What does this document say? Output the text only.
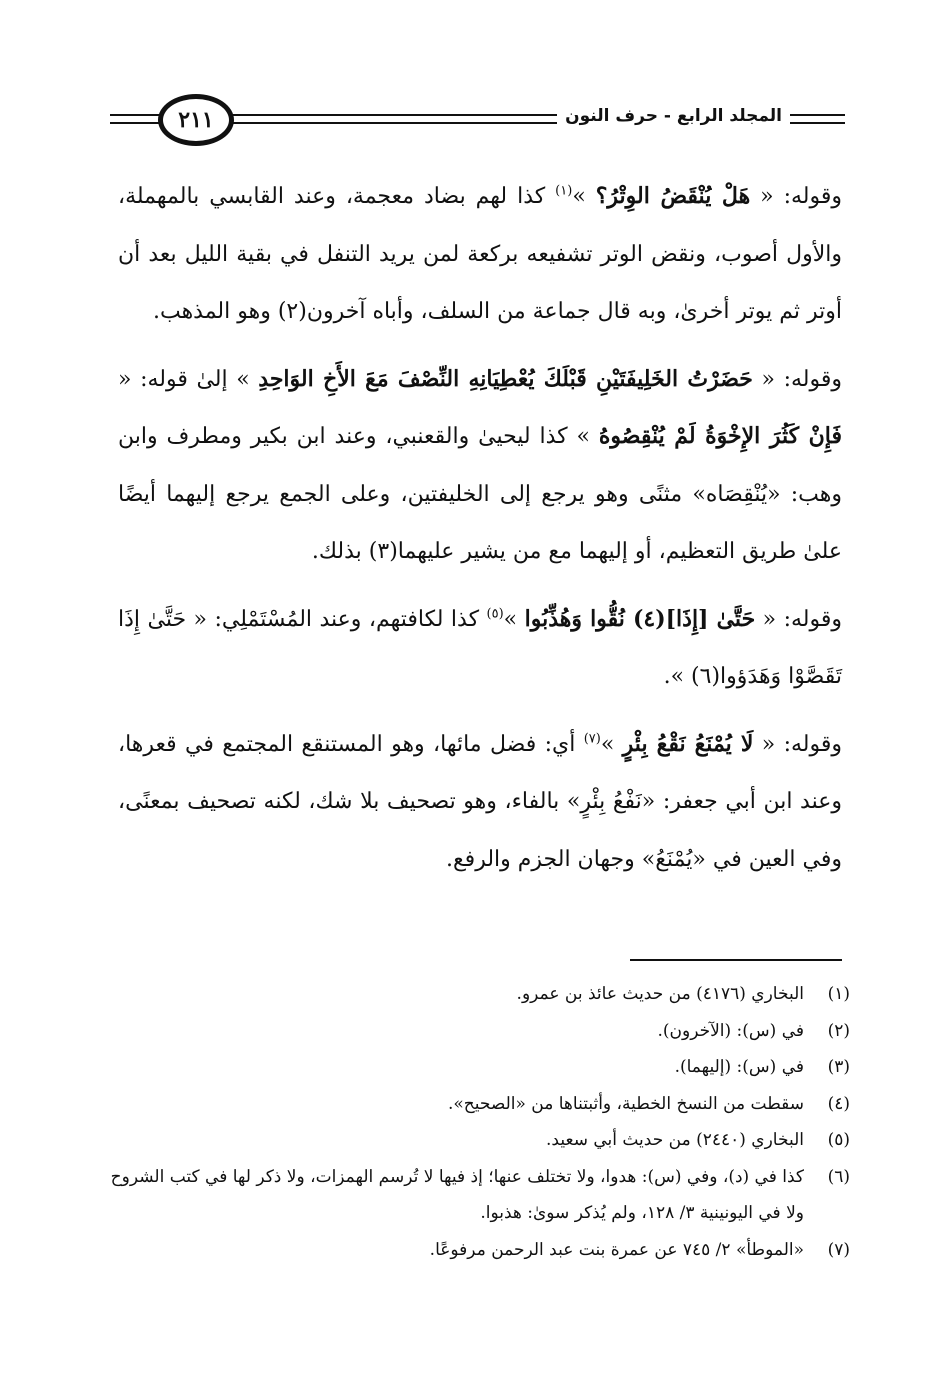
٢١١	المجلد الرابع - حرف النون

وقوله: « هَلْ يُنْقَضُ الوِتْرُ؟ »$^{(١)}$ كذا لهم بضاد معجمة، وعند القابسي بالمهملة، والأول أصوب، ونقض الوتر تشفيعه بركعة لمن يريد التنفل في بقية الليل بعد أن أوتر ثم يوتر أخرىٰ، وبه قال جماعة من السلف، وأباه آخرون(٢) وهو المذهب.

وقوله: « حَضَرْتُ الخَلِيفَتَيْنِ قَبْلَكَ يُعْطِيَانِهِ النِّصْفَ مَعَ الأَخِ الوَاحِدِ » إلىٰ قوله: « فَإِنْ كَثُرَ الإِخْوَةُ لَمْ يُنْقِصُوهُ » كذا ليحيىٰ والقعنبي، وعند ابن بكير ومطرف وابن وهب: «يُنْقِصَاه» مثنًى وهو يرجع إلى الخليفتين، وعلى الجمع يرجع إليهما أيضًا علىٰ طريق التعظيم، أو إليهما مع من يشير عليهما(٣) بذلك.

وقوله: « حَتَّىٰ [إِذَا](٤) نُقُّوا وَهُذِّبُوا »$^{(٥)}$ كذا لكافتهم، وعند المُسْتَمْلِي: « حَتَّىٰ إِذَا تَقَصَّوْا وَهَدَؤوا(٦) ».

وقوله: « لَا يُمْنَعُ نَقْعُ بِئْرٍ »$^{(٧)}$ أي: فضل مائها، وهو المستنقع المجتمع في قعرها، وعند ابن أبي جعفر: «نَفْعُ بِئْرٍ» بالفاء، وهو تصحيف بلا شك، لكنه تصحيف بمعنًى، وفي العين في «يُمْنَعُ» وجهان الجزم والرفع.

(١)
البخاري (٤١٧٦) من حديث عائذ بن عمرو.
(٢)
في (س): (الآخرون).
(٣)
في (س): (إليهما).
(٤)
سقطت من النسخ الخطية، وأثبتناها من «الصحيح».
(٥)
البخاري (٢٤٤٠) من حديث أبي سعيد.
(٦)
كذا في (د)، وفي (س): هدوا، ولا تختلف عنها؛ إذ فيها لا تُرسم الهمزات، ولا ذكر لها في كتب الشروح ولا في اليونينية ٣/ ١٢٨، ولم يُذكر سوىٰ: هذبوا.
(٧)
«الموطأ» ٢/ ٧٤٥ عن عمرة بنت عبد الرحمن مرفوعًا.
